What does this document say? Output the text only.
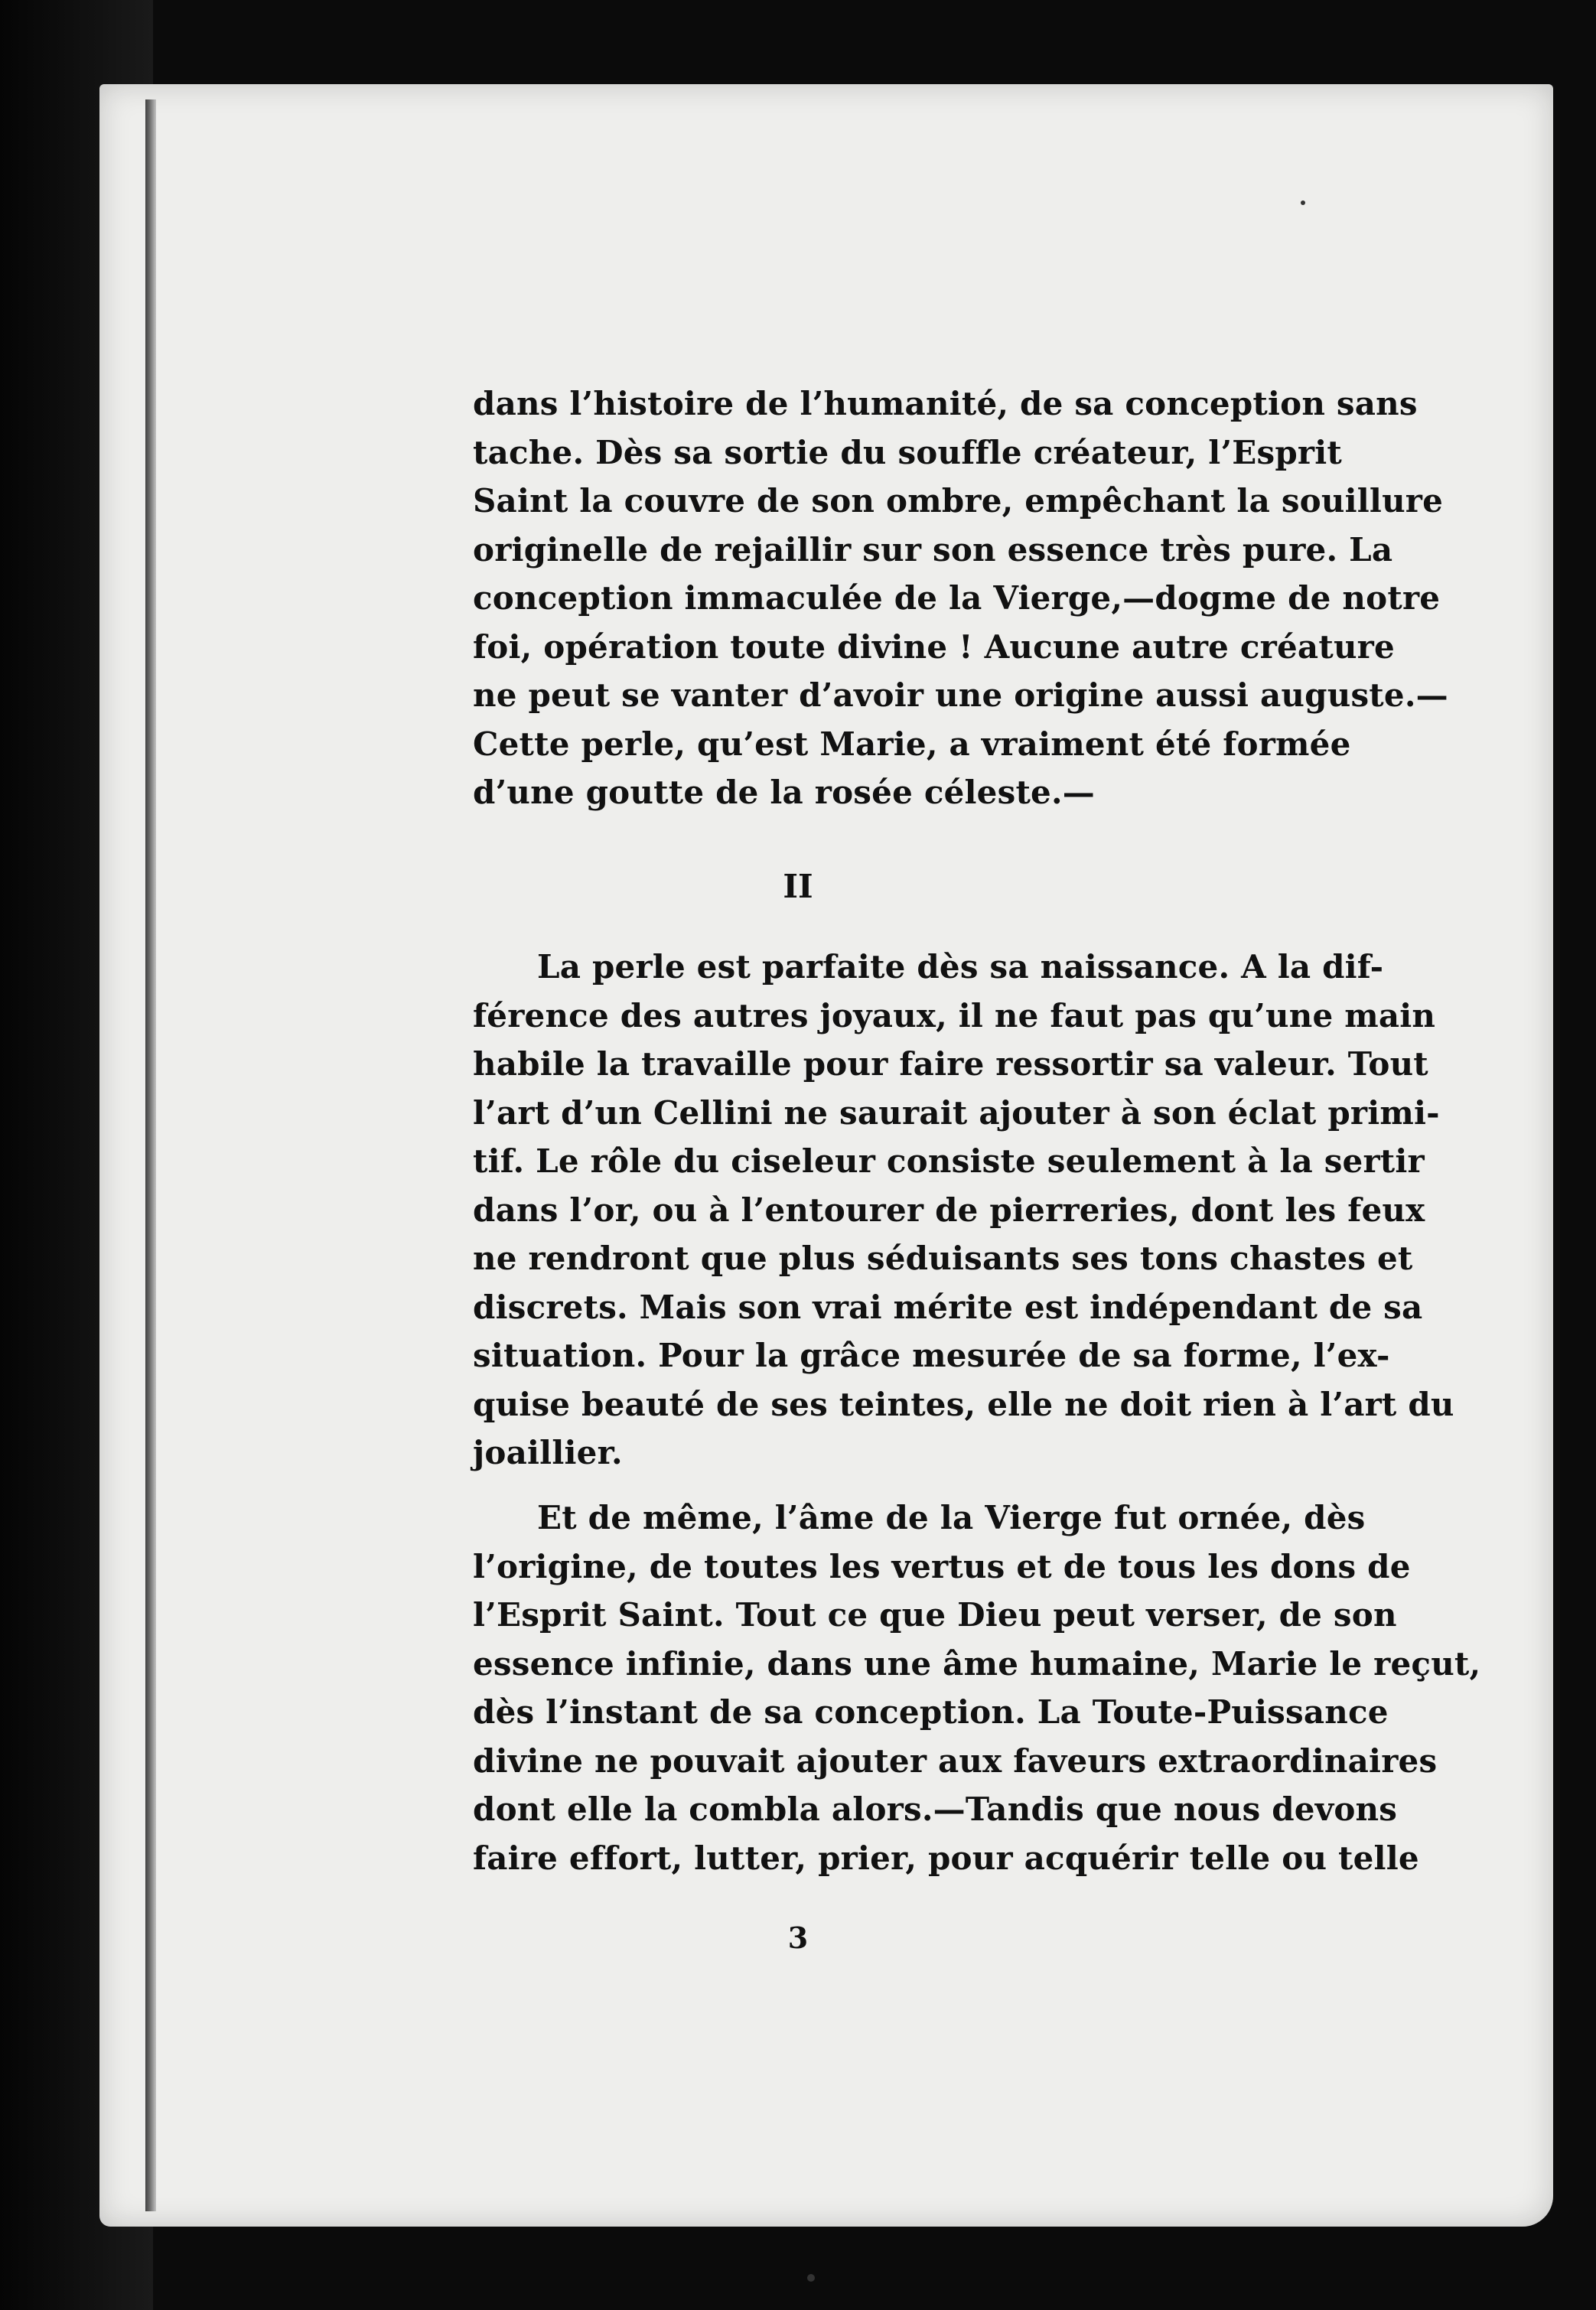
dans l’histoire de l’humanité, de sa conception sans
tache. Dès sa sortie du souffle créateur, l’Esprit
Saint la couvre de son ombre, empêchant la souillure
originelle de rejaillir sur son essence très pure. La
conception immaculée de la Vierge,—dogme de notre
foi, opération toute divine ! Aucune autre créature
ne peut se vanter d’avoir une origine aussi auguste.—
Cette perle, qu’est Marie, a vraiment été formée
d’une goutte de la rosée céleste.—
II
La perle est parfaite dès sa naissance. A la dif-
férence des autres joyaux, il ne faut pas qu’une main
habile la travaille pour faire ressortir sa valeur. Tout
l’art d’un Cellini ne saurait ajouter à son éclat primi-
tif. Le rôle du ciseleur consiste seulement à la sertir
dans l’or, ou à l’entourer de pierreries, dont les feux
ne rendront que plus séduisants ses tons chastes et
discrets. Mais son vrai mérite est indépendant de sa
situation. Pour la grâce mesurée de sa forme, l’ex-
quise beauté de ses teintes, elle ne doit rien à l’art du
joaillier.
Et de même, l’âme de la Vierge fut ornée, dès
l’origine, de toutes les vertus et de tous les dons de
l’Esprit Saint. Tout ce que Dieu peut verser, de son
essence infinie, dans une âme humaine, Marie le reçut,
dès l’instant de sa conception. La Toute-Puissance
divine ne pouvait ajouter aux faveurs extraordinaires
dont elle la combla alors.—Tandis que nous devons
faire effort, lutter, prier, pour acquérir telle ou telle
3
